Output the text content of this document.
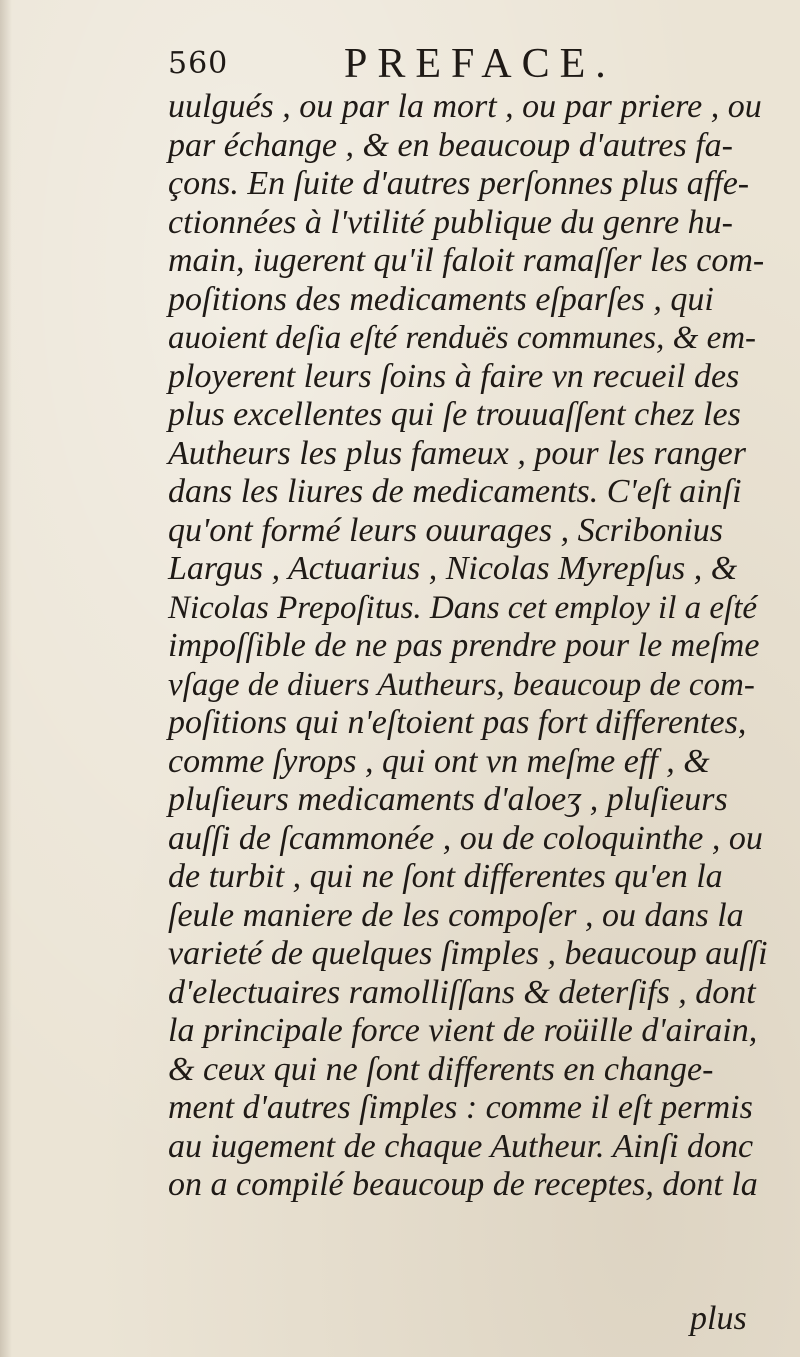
560	PREFACE.
uulgués , ou par la mort , ou par priere , ou
par échange , & en beaucoup d'autres fa-
çons. En ſuite d'autres perſonnes plus affe-
ctionnées à l'vtilité publique du genre hu-
main, iugerent qu'il faloit ramaſſer les com-
poſitions des medicaments eſparſes , qui
auoient deſia eſté renduës communes, & em-
ployerent leurs ſoins à faire vn recueil des
plus excellentes qui ſe trouuaſſent chez les
Autheurs les plus fameux , pour les ranger
dans les liures de medicaments. C'eſt ainſi
qu'ont formé leurs ouurages , Scribonius
Largus , Actuarius , Nicolas Myrepſus , &
Nicolas Prepoſitus. Dans cet employ il a eſté
impoſſible de ne pas prendre pour le meſme
vſage de diuers Autheurs, beaucoup de com-
poſitions qui n'eſtoient pas fort differentes,
comme ſyrops , qui ont vn meſme eff , &
pluſieurs medicaments d'aloeʒ , pluſieurs
auſſi de ſcammonée , ou de coloquinthe , ou
de turbit , qui ne ſont differentes qu'en la
ſeule maniere de les compoſer , ou dans la
varieté de quelques ſimples , beaucoup auſſi
d'electuaires ramolliſſans & deterſifs , dont
la principale force vient de roüille d'airain,
& ceux qui ne ſont differents en change-
ment d'autres ſimples : comme il eſt permis
au iugement de chaque Autheur. Ainſi donc
on a compilé beaucoup de receptes, dont la
plus
